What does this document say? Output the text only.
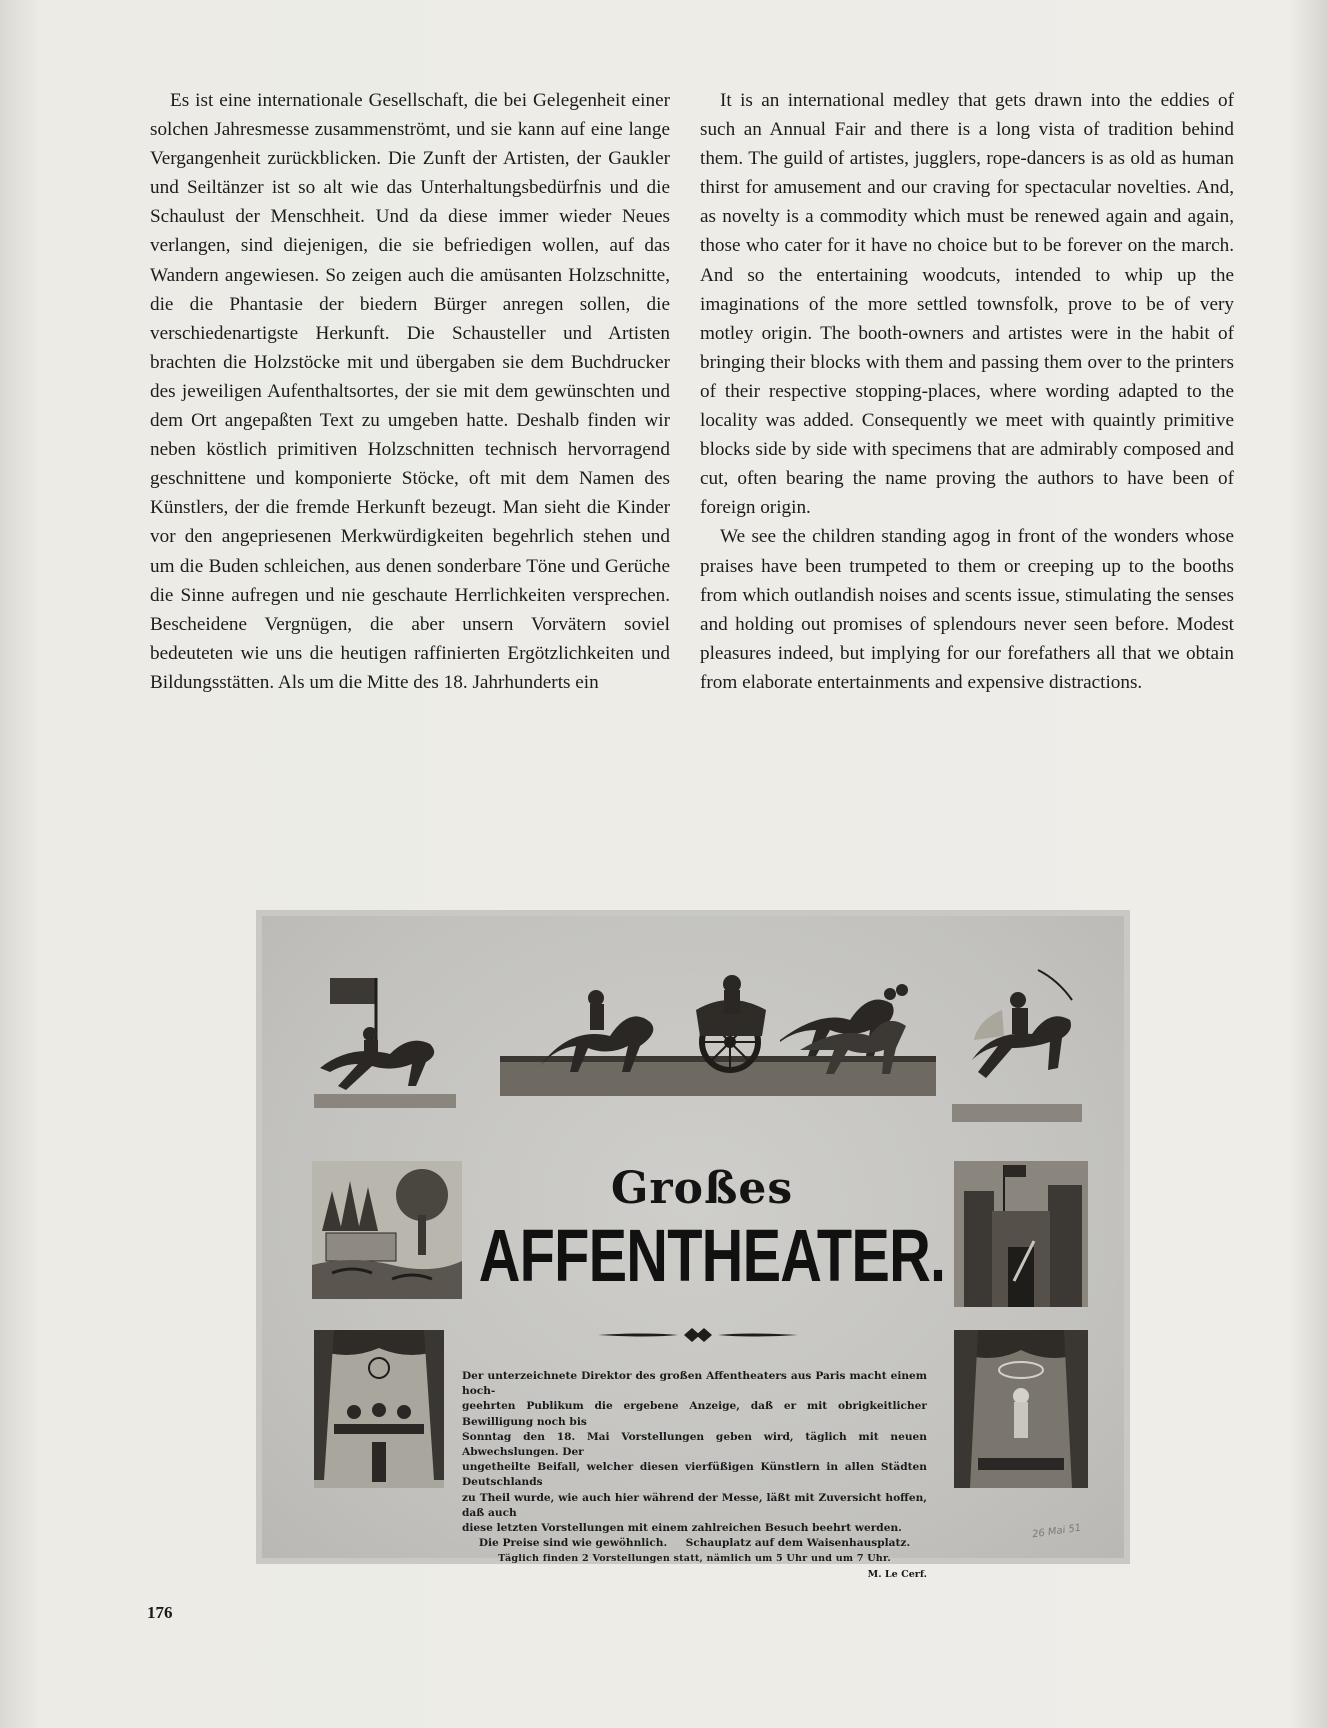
Es ist eine internationale Gesellschaft, die bei Gelegenheit einer solchen Jahresmesse zusammenströmt, und sie kann auf eine lange Vergangenheit zurückblicken. Die Zunft der Artisten, der Gaukler und Seiltänzer ist so alt wie das Unterhaltungsbedürfnis und die Schaulust der Menschheit. Und da diese immer wieder Neues verlangen, sind diejenigen, die sie befriedigen wollen, auf das Wandern angewiesen. So zeigen auch die amüsanten Holzschnitte, die die Phantasie der biedern Bürger anregen sollen, die verschiedenartigste Herkunft. Die Schausteller und Artisten brachten die Holzstöcke mit und übergaben sie dem Buchdrucker des jeweiligen Aufenthaltsortes, der sie mit dem gewünschten und dem Ort angepaßten Text zu umgeben hatte. Deshalb finden wir neben köstlich primitiven Holzschnitten technisch hervorragend geschnittene und komponierte Stöcke, oft mit dem Namen des Künstlers, der die fremde Herkunft bezeugt. Man sieht die Kinder vor den angepriesenen Merkwürdigkeiten begehrlich stehen und um die Buden schleichen, aus denen sonderbare Töne und Gerüche die Sinne aufregen und nie geschaute Herrlichkeiten versprechen. Bescheidene Vergnügen, die aber unsern Vorvätern soviel bedeuteten wie uns die heutigen raffinierten Ergötzlichkeiten und Bildungsstätten. Als um die Mitte des 18. Jahrhunderts ein

It is an international medley that gets drawn into the eddies of such an Annual Fair and there is a long vista of tradition behind them. The guild of artistes, jugglers, rope-dancers is as old as human thirst for amusement and our craving for spectacular novelties. And, as novelty is a commodity which must be renewed again and again, those who cater for it have no choice but to be forever on the march. And so the entertaining woodcuts, intended to whip up the imaginations of the more settled townsfolk, prove to be of very motley origin. The booth-owners and artistes were in the habit of bringing their blocks with them and passing them over to the printers of their respective stopping-places, where wording adapted to the locality was added. Consequently we meet with quaintly primitive blocks side by side with specimens that are admirably composed and cut, often bearing the name proving the authors to have been of foreign origin.

We see the children standing agog in front of the wonders whose praises have been trumpeted to them or creeping up to the booths from which outlandish noises and scents issue, stimulating the senses and holding out promises of splendours never seen before. Modest pleasures indeed, but implying for our forefathers all that we obtain from elaborate entertainments and expensive distractions.

Großes
AFFENTHEATER.
Der unterzeichnete Direktor des großen Affentheaters aus Paris macht einem hoch-
geehrten Publikum die ergebene Anzeige, daß er mit obrigkeitlicher Bewilligung noch bis
Sonntag den 18. Mai Vorstellungen geben wird, täglich mit neuen Abwechslungen. Der
ungetheilte Beifall, welcher diesen vierfüßigen Künstlern in allen Städten Deutschlands
zu Theil wurde, wie auch hier während der Messe, läßt mit Zuversicht hoffen, daß auch
diese letzten Vorstellungen mit einem zahlreichen Besuch beehrt werden.
Die Preise sind wie gewöhnlich.     Schauplatz auf dem Waisenhausplatz.
Täglich finden 2 Vorstellungen statt, nämlich um 5 Uhr und um 7 Uhr.
M. Le Cerf.
26 Mai 51
176
